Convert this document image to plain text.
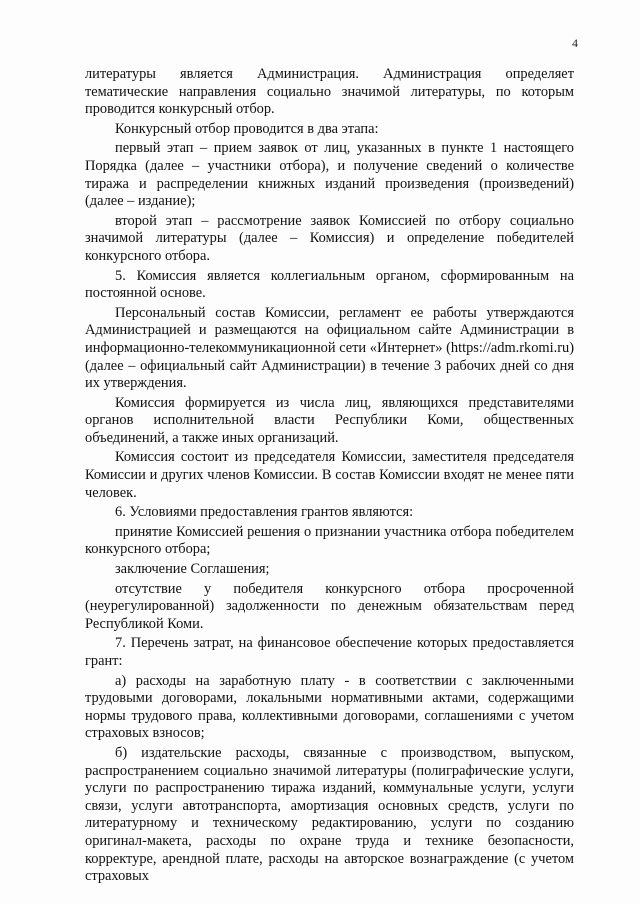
4

литературы является Администрация. Администрация определяет тематические направления социально значимой литературы, по которым проводится конкурсный отбор.

Конкурсный отбор проводится в два этапа:

первый этап – прием заявок от лиц, указанных в пункте 1 настоящего Порядка (далее – участники отбора), и получение сведений о количестве тиража и распределении книжных изданий произведения (произведений) (далее – издание);

второй этап – рассмотрение заявок Комиссией по отбору социально значимой литературы (далее – Комиссия) и определение победителей конкурсного отбора.

5. Комиссия является коллегиальным органом, сформированным на постоянной основе.

Персональный состав Комиссии, регламент ее работы утверждаются Администрацией и размещаются на официальном сайте Администрации в информационно-телекоммуникационной сети «Интернет» (https://adm.rkomi.ru) (далее – официальный сайт Администрации) в течение 3 рабочих дней со дня их утверждения.

Комиссия формируется из числа лиц, являющихся представителями органов исполнительной власти Республики Коми, общественных объединений, а также иных организаций.

Комиссия состоит из председателя Комиссии, заместителя председателя Комиссии и других членов Комиссии. В состав Комиссии входят не менее пяти человек.

6. Условиями предоставления грантов являются:

принятие Комиссией решения о признании участника отбора победителем конкурсного отбора;

заключение Соглашения;

отсутствие у победителя конкурсного отбора просроченной (неурегулированной) задолженности по денежным обязательствам перед Республикой Коми.

7. Перечень затрат, на финансовое обеспечение которых предоставляется грант:

а) расходы на заработную плату - в соответствии с заключенными трудовыми договорами, локальными нормативными актами, содержащими нормы трудового права, коллективными договорами, соглашениями с учетом страховых взносов;

б) издательские расходы, связанные с производством, выпуском, распространением социально значимой литературы (полиграфические услуги, услуги по распространению тиража изданий, коммунальные услуги, услуги связи, услуги автотранспорта, амортизация основных средств, услуги по литературному и техническому редактированию, услуги по созданию оригинал-макета, расходы по охране труда и технике безопасности, корректуре, арендной плате, расходы на авторское вознаграждение (с учетом страховых
